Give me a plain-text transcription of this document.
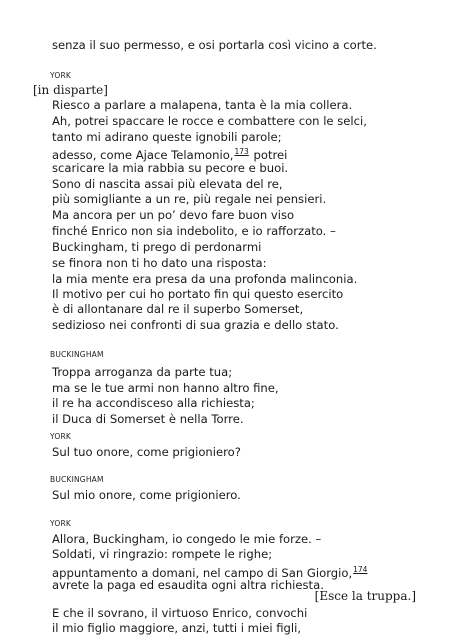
senza il suo permesso, e osi portarla così vicino a corte.
YORK
[in disparte]
Riesco a parlare a malapena, tanta è la mia collera.
Ah, potrei spaccare le rocce e combattere con le selci,
tanto mi adirano queste ignobili parole;
adesso, come Ajace Telamonio,$^{173}$ potrei
scaricare la mia rabbia su pecore e buoi.
Sono di nascita assai più elevata del re,
più somigliante a un re, più regale nei pensieri.
Ma ancora per un po’ devo fare buon viso
finché Enrico non sia indebolito, e io rafforzato. –
Buckingham, ti prego di perdonarmi
se finora non ti ho dato una risposta:
la mia mente era presa da una profonda malinconia.
Il motivo per cui ho portato fin qui questo esercito
è di allontanare dal re il superbo Somerset,
sedizioso nei confronti di sua grazia e dello stato.
BUCKINGHAM
Troppa arroganza da parte tua;
ma se le tue armi non hanno altro fine,
il re ha accondisceso alla richiesta;
il Duca di Somerset è nella Torre.
YORK
Sul tuo onore, come prigioniero?
BUCKINGHAM
Sul mio onore, come prigioniero.
YORK
Allora, Buckingham, io congedo le mie forze. –
Soldati, vi ringrazio: rompete le righe;
appuntamento a domani, nel campo di San Giorgio,$^{174}$
avrete la paga ed esaudita ogni altra richiesta.
[Esce la truppa.]
E che il sovrano, il virtuoso Enrico, convochi
il mio figlio maggiore, anzi, tutti i miei figli,
